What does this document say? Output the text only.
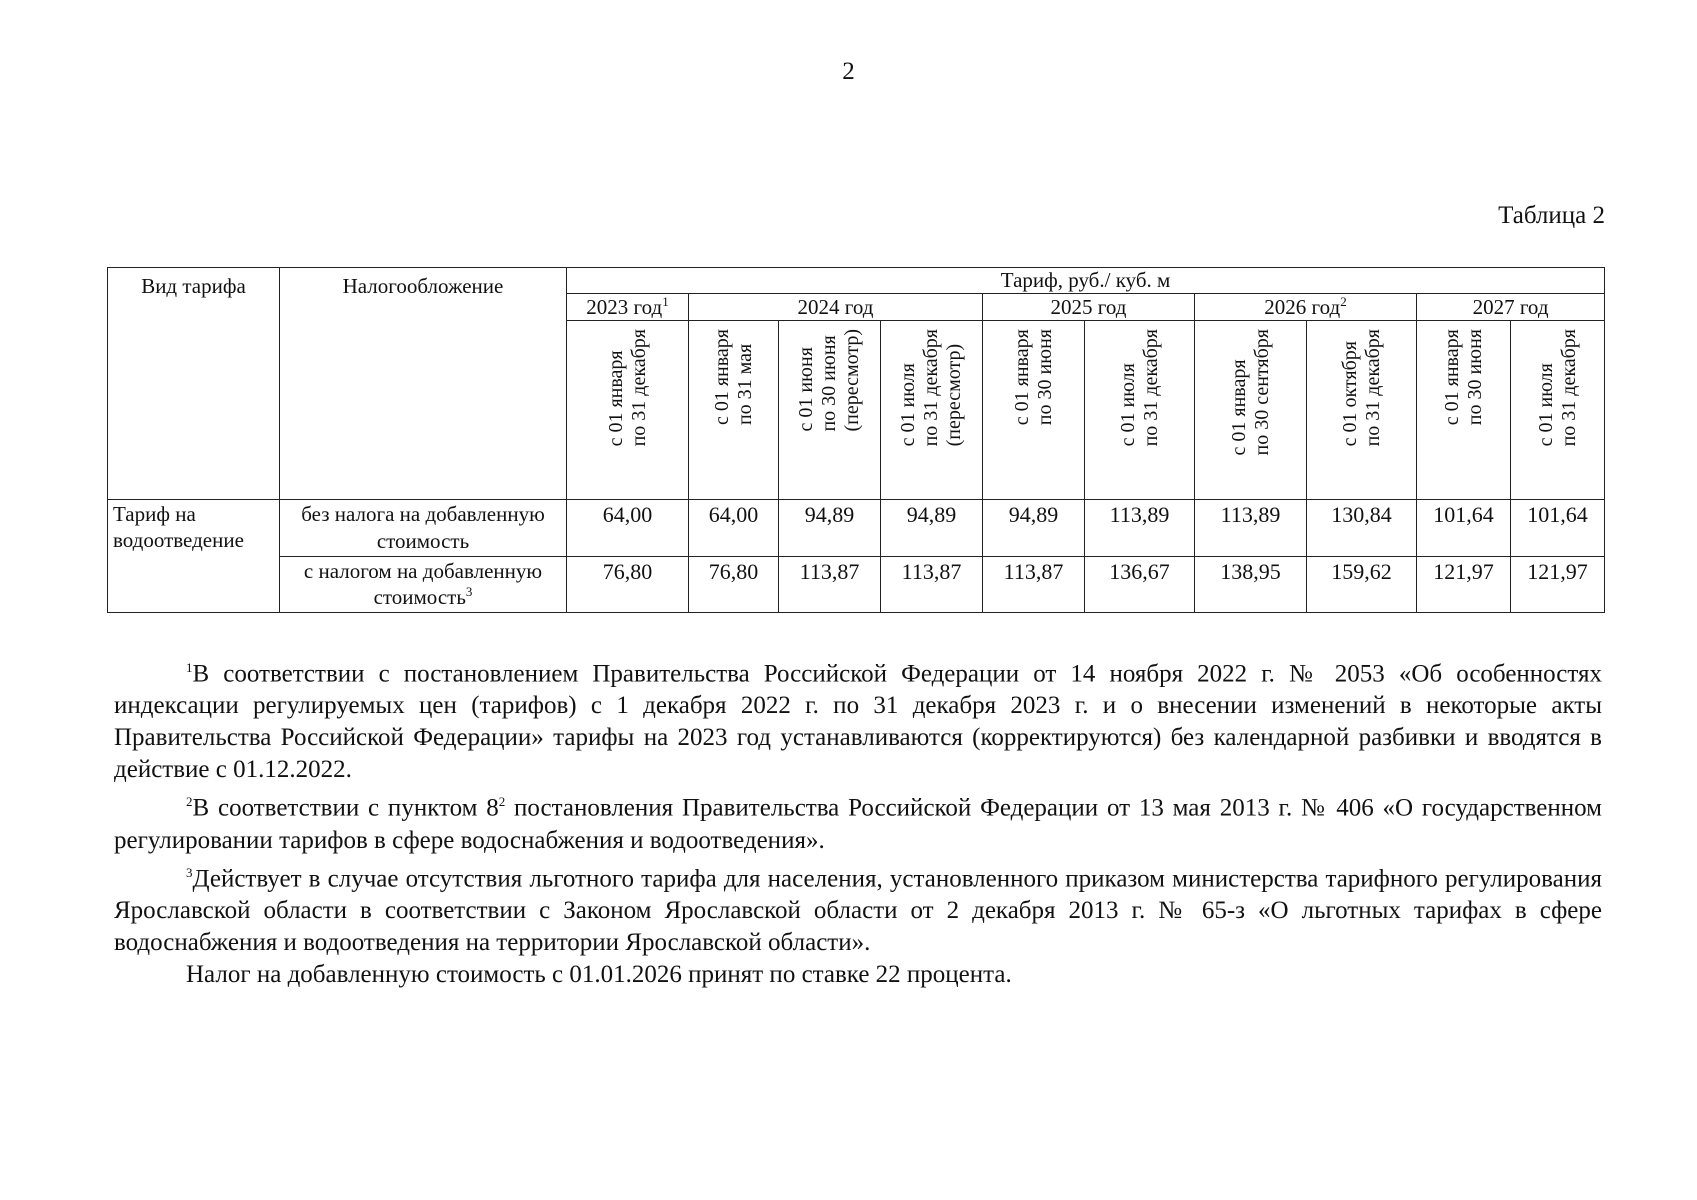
2
Таблица 2
Вид тарифа	Налогообложение	Тариф, руб./ куб. м									
		2023 год$^1$	2024 год			2025 год		2026 год$^2$		2027 год	
		с 01 января
по 31 декабря	с 01 января
по 31 мая	с 01 июня
по 30 июня
(пересмотр)	с 01 июля
по 31 декабря
(пересмотр)	с 01 января
по 30 июня	с 01 июля
по 31 декабря	с 01 января
по 30 сентября	с 01 октября
по 31 декабря	с 01 января
по 30 июня	с 01 июля
по 31 декабря
Тариф на водоотведение	без налога на добавленную стоимость	64,00	64,00	94,89	94,89	94,89	113,89	113,89	130,84	101,64	101,64
	с налогом на добавленную стоимость$^3$	76,80	76,80	113,87	113,87	113,87	136,67	138,95	159,62	121,97	121,97

$^1$В соответствии с постановлением Правительства Российской Федерации от 14 ноября 2022 г. № 2053 «Об особенностях индексации регулируемых цен (тарифов) с 1 декабря 2022 г. по 31 декабря 2023 г. и о внесении изменений в некоторые акты Правительства Российской Федерации» тарифы на 2023 год устанавливаются (корректируются) без календарной разбивки и вводятся в действие с 01.12.2022.

$^2$В соответствии с пунктом $8^2$ постановления Правительства Российской Федерации от 13 мая 2013 г. № 406 «О государственном регулировании тарифов в сфере водоснабжения и водоотведения».

$^3$Действует в случае отсутствия льготного тарифа для населения, установленного приказом министерства тарифного регулирования Ярославской области в соответствии с Законом Ярославской области от 2 декабря 2013 г. № 65-з «О льготных тарифах в сфере водоснабжения и водоотведения на территории Ярославской области».

Налог на добавленную стоимость с 01.01.2026 принят по ставке 22 процента.
